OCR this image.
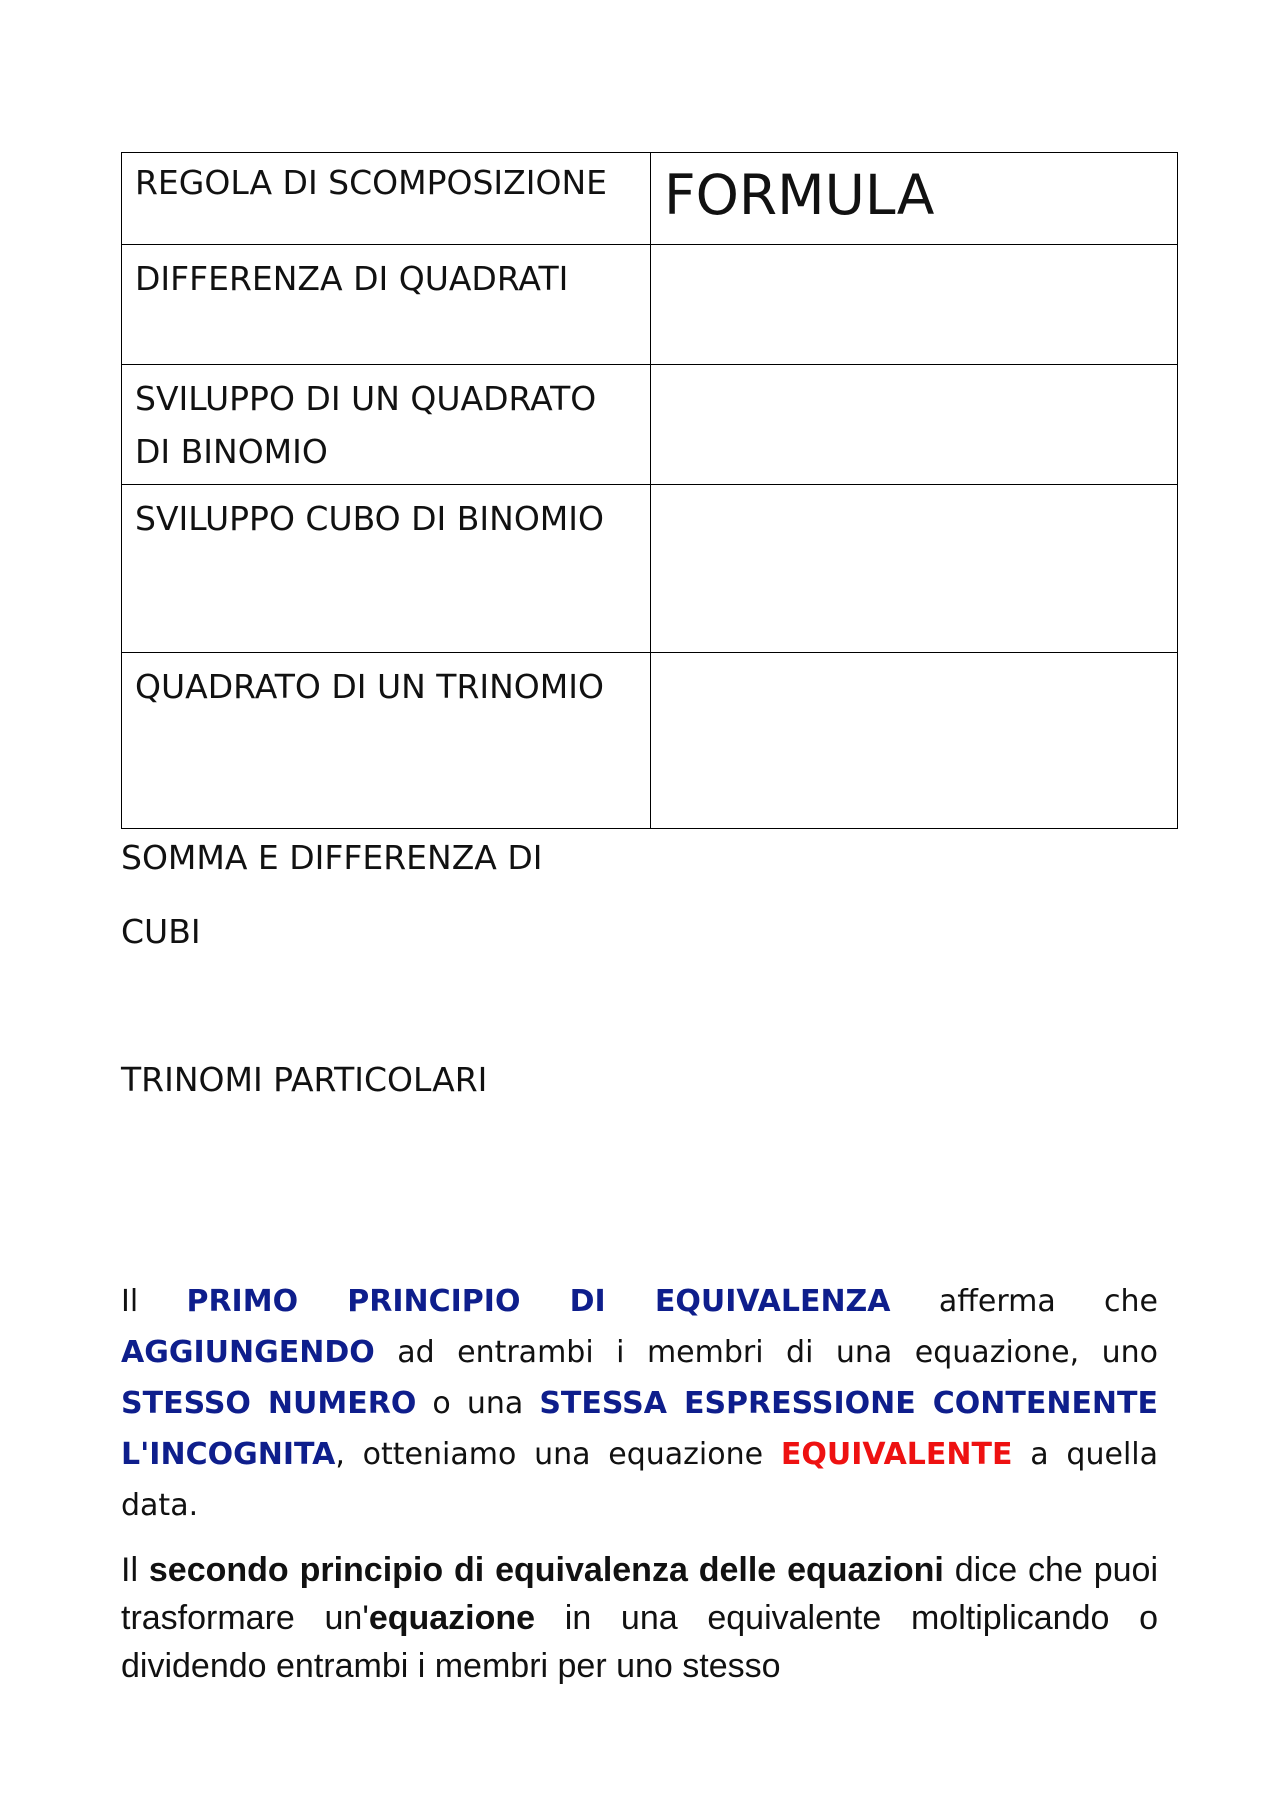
REGOLA DI SCOMPOSIZIONE	FORMULA
DIFFERENZA DI QUADRATI	
SVILUPPO DI UN QUADRATO DI BINOMIO	
SVILUPPO CUBO DI BINOMIO	
QUADRATO DI UN TRINOMIO	
SOMMA E DIFFERENZA DI
CUBI
TRINOMI PARTICOLARI

Il PRIMO PRINCIPIO DI EQUIVALENZA afferma che AGGIUNGENDO ad entrambi i membri di una equazione, uno STESSO NUMERO o una STESSA ESPRESSIONE CONTENENTE L'INCOGNITA, otteniamo una equazione EQUIVALENTE a quella data.

Il secondo principio di equivalenza delle equazioni dice che puoi trasformare un'equazione in una equivalente moltiplicando o dividendo entrambi i membri per uno stesso
